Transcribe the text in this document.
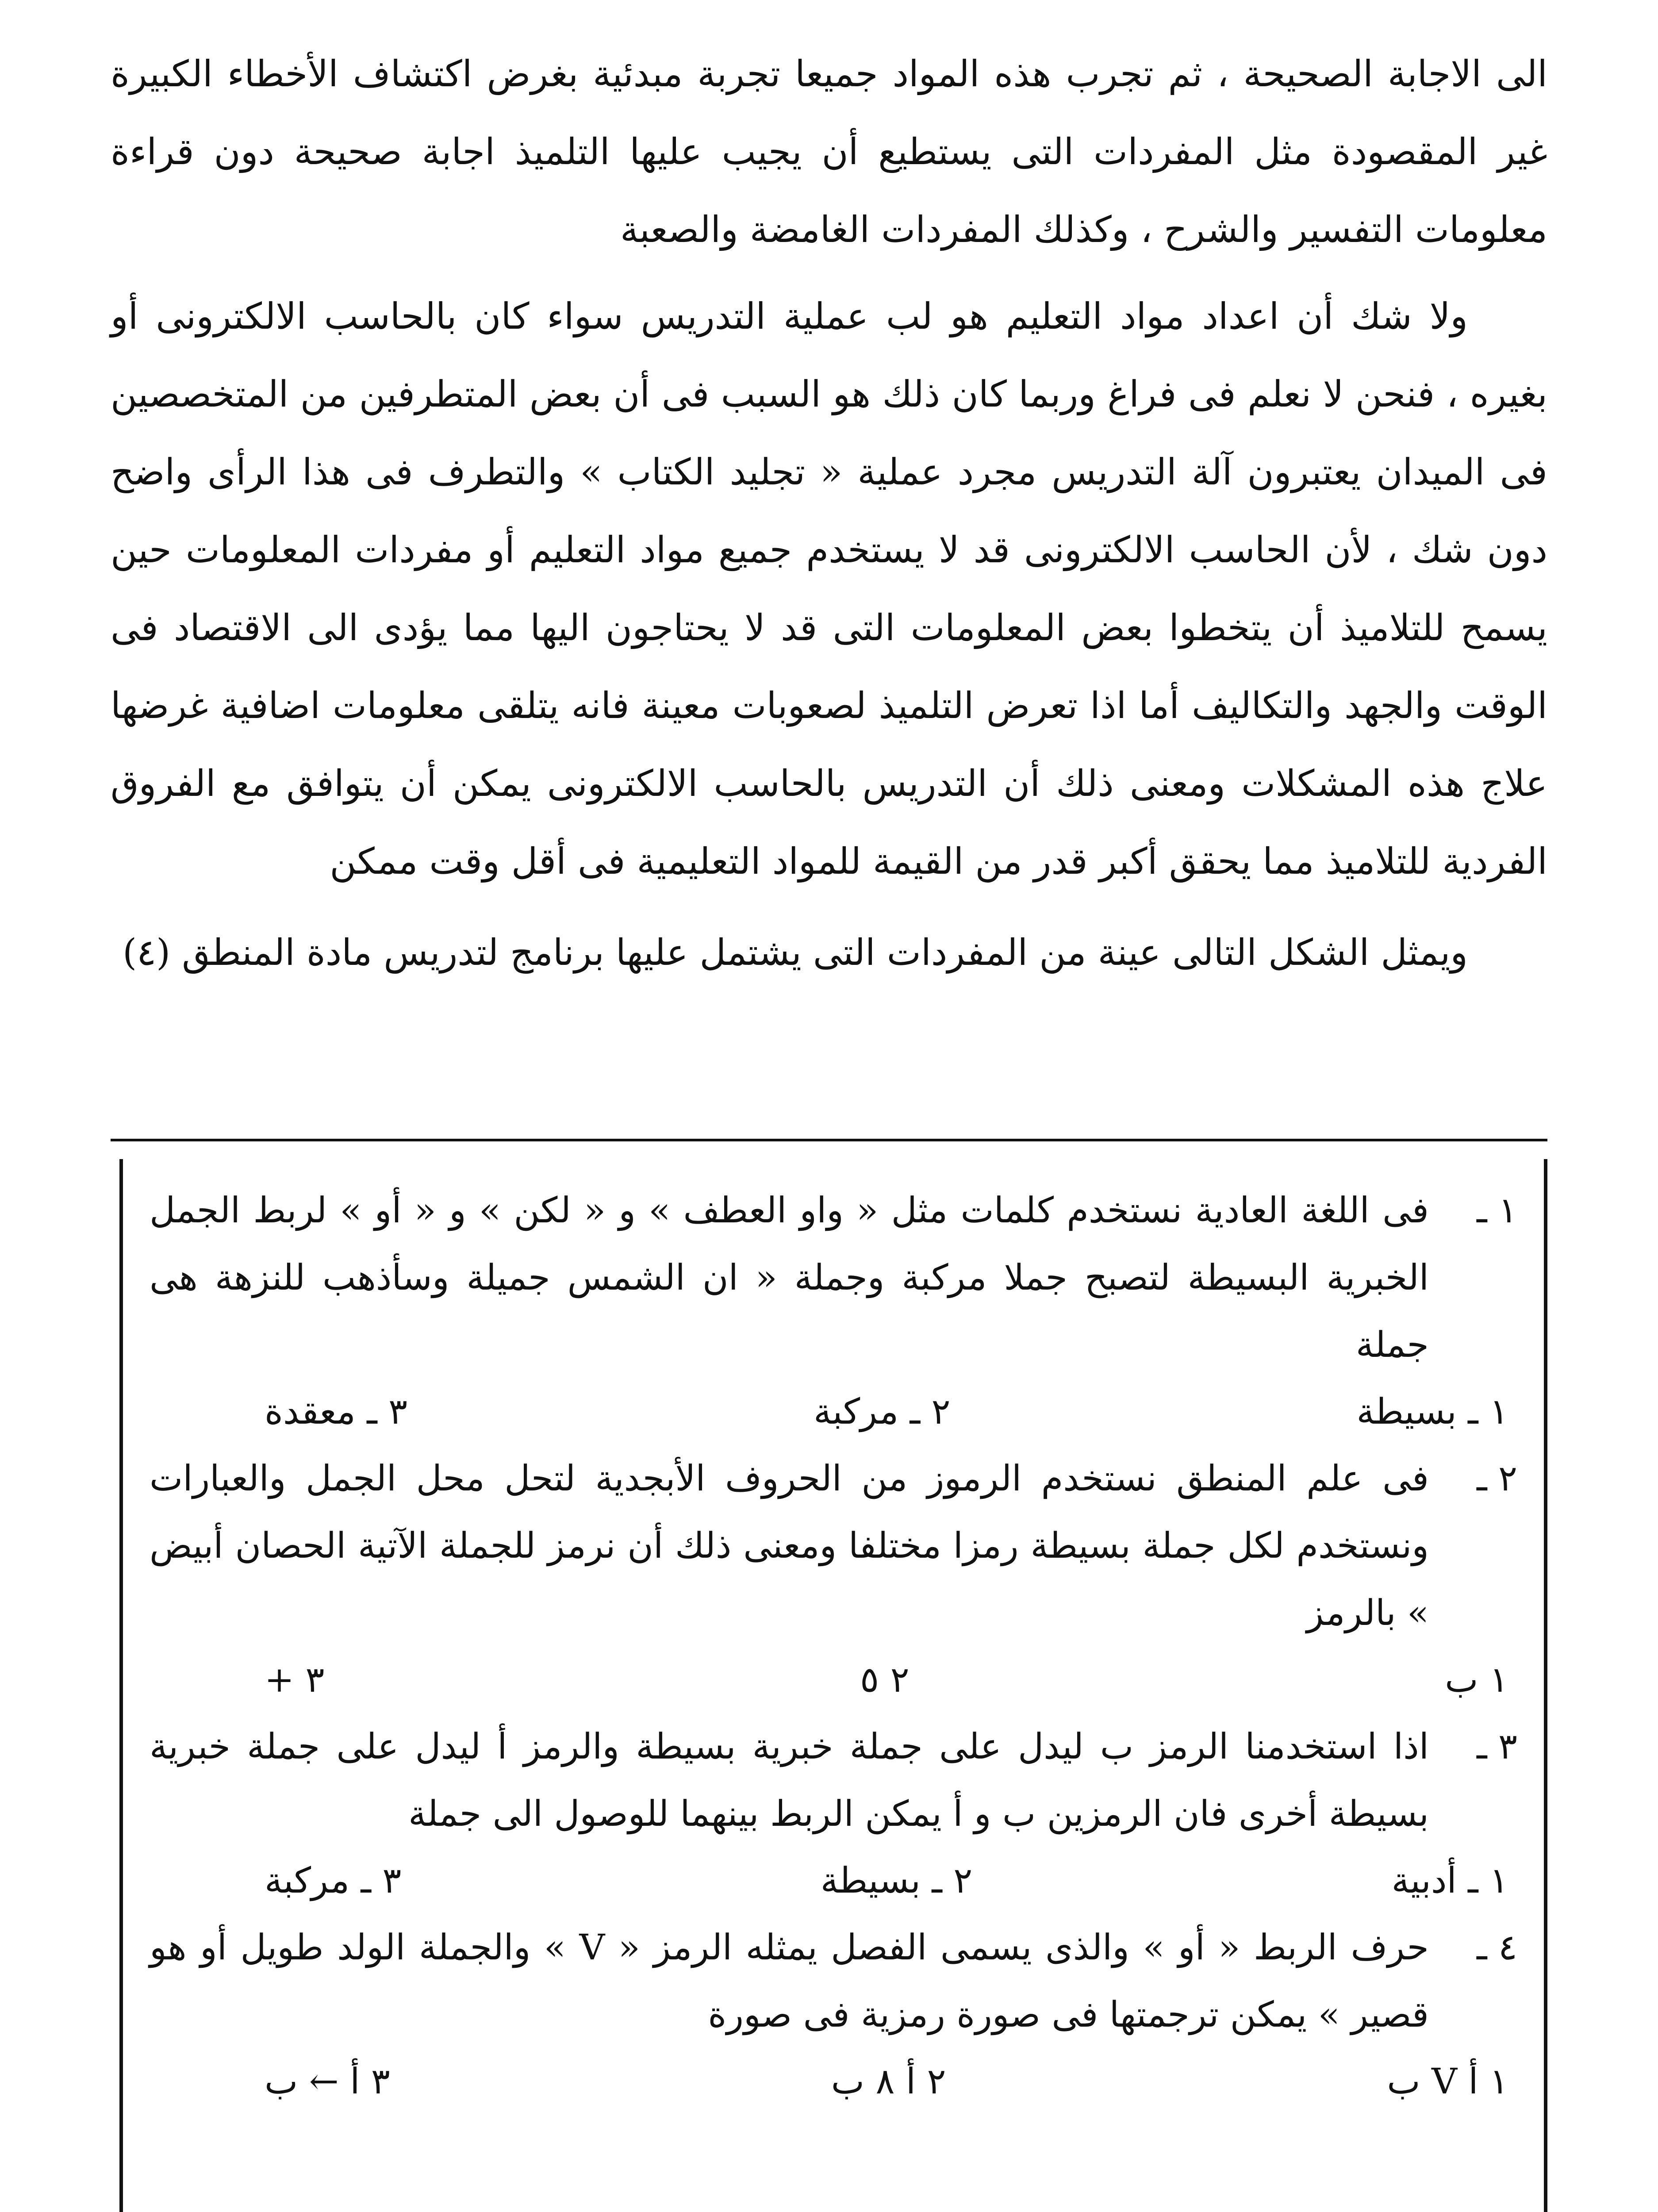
الى الاجابة الصحيحة ، ثم تجرب هذه المواد جميعا تجربة مبدئية بغرض اكتشاف الأخطاء الكبيرة غير المقصودة مثل المفردات التى يستطيع أن يجيب عليها التلميذ اجابة صحيحة دون قراءة معلومات التفسير والشرح ، وكذلك المفردات الغامضة والصعبة

ولا شك أن اعداد مواد التعليم هو لب عملية التدريس سواء كان بالحاسب الالكترونى أو بغيره ، فنحن لا نعلم فى فراغ وربما كان ذلك هو السبب فى أن بعض المتطرفين من المتخصصين فى الميدان يعتبرون آلة التدريس مجرد عملية « تجليد الكتاب » والتطرف فى هذا الرأى واضح دون شك ، لأن الحاسب الالكترونى قد لا يستخدم جميع مواد التعليم أو مفردات المعلومات حين يسمح للتلاميذ أن يتخطوا بعض المعلومات التى قد لا يحتاجون اليها مما يؤدى الى الاقتصاد فى الوقت والجهد والتكاليف أما اذا تعرض التلميذ لصعوبات معينة فانه يتلقى معلومات اضافية غرضها علاج هذه المشكلات ومعنى ذلك أن التدريس بالحاسب الالكترونى يمكن أن يتوافق مع الفروق الفردية للتلاميذ مما يحقق أكبر قدر من القيمة للمواد التعليمية فى أقل وقت ممكن

ويمثل الشكل التالى عينة من المفردات التى يشتمل عليها برنامج لتدريس مادة المنطق (٤)

١ ـ
فى اللغة العادية نستخدم كلمات مثل « واو العطف » و « لكن » و « أو » لربط الجمل الخبرية البسيطة لتصبح جملا مركبة وجملة « ان الشمس جميلة وسأذهب للنزهة هى جملة
١ ـ بسيطة
٢ ـ مركبة
٣ ـ معقدة
٢ ـ
فى علم المنطق نستخدم الرموز من الحروف الأبجدية لتحل محل الجمل والعبارات ونستخدم لكل جملة بسيطة رمزا مختلفا ومعنى ذلك أن نرمز للجملة الآتية الحصان أبيض » بالرمز
١ ب
٢ ٥
٣ +
٣ ـ
اذا استخدمنا الرمز ب ليدل على جملة خبرية بسيطة والرمز أ ليدل على جملة خبرية بسيطة أخرى فان الرمزين ب و أ يمكن الربط بينهما للوصول الى جملة
١ ـ أدبية
٢ ـ بسيطة
٣ ـ مركبة
٤ ـ
حرف الربط « أو » والذى يسمى الفصل يمثله الرمز « V » والجملة الولد طويل أو هو قصير » يمكن ترجمتها فى صورة رمزية فى صورة
١ أ V ب
٢ أ ٨ ب
٣ أ ← ب
